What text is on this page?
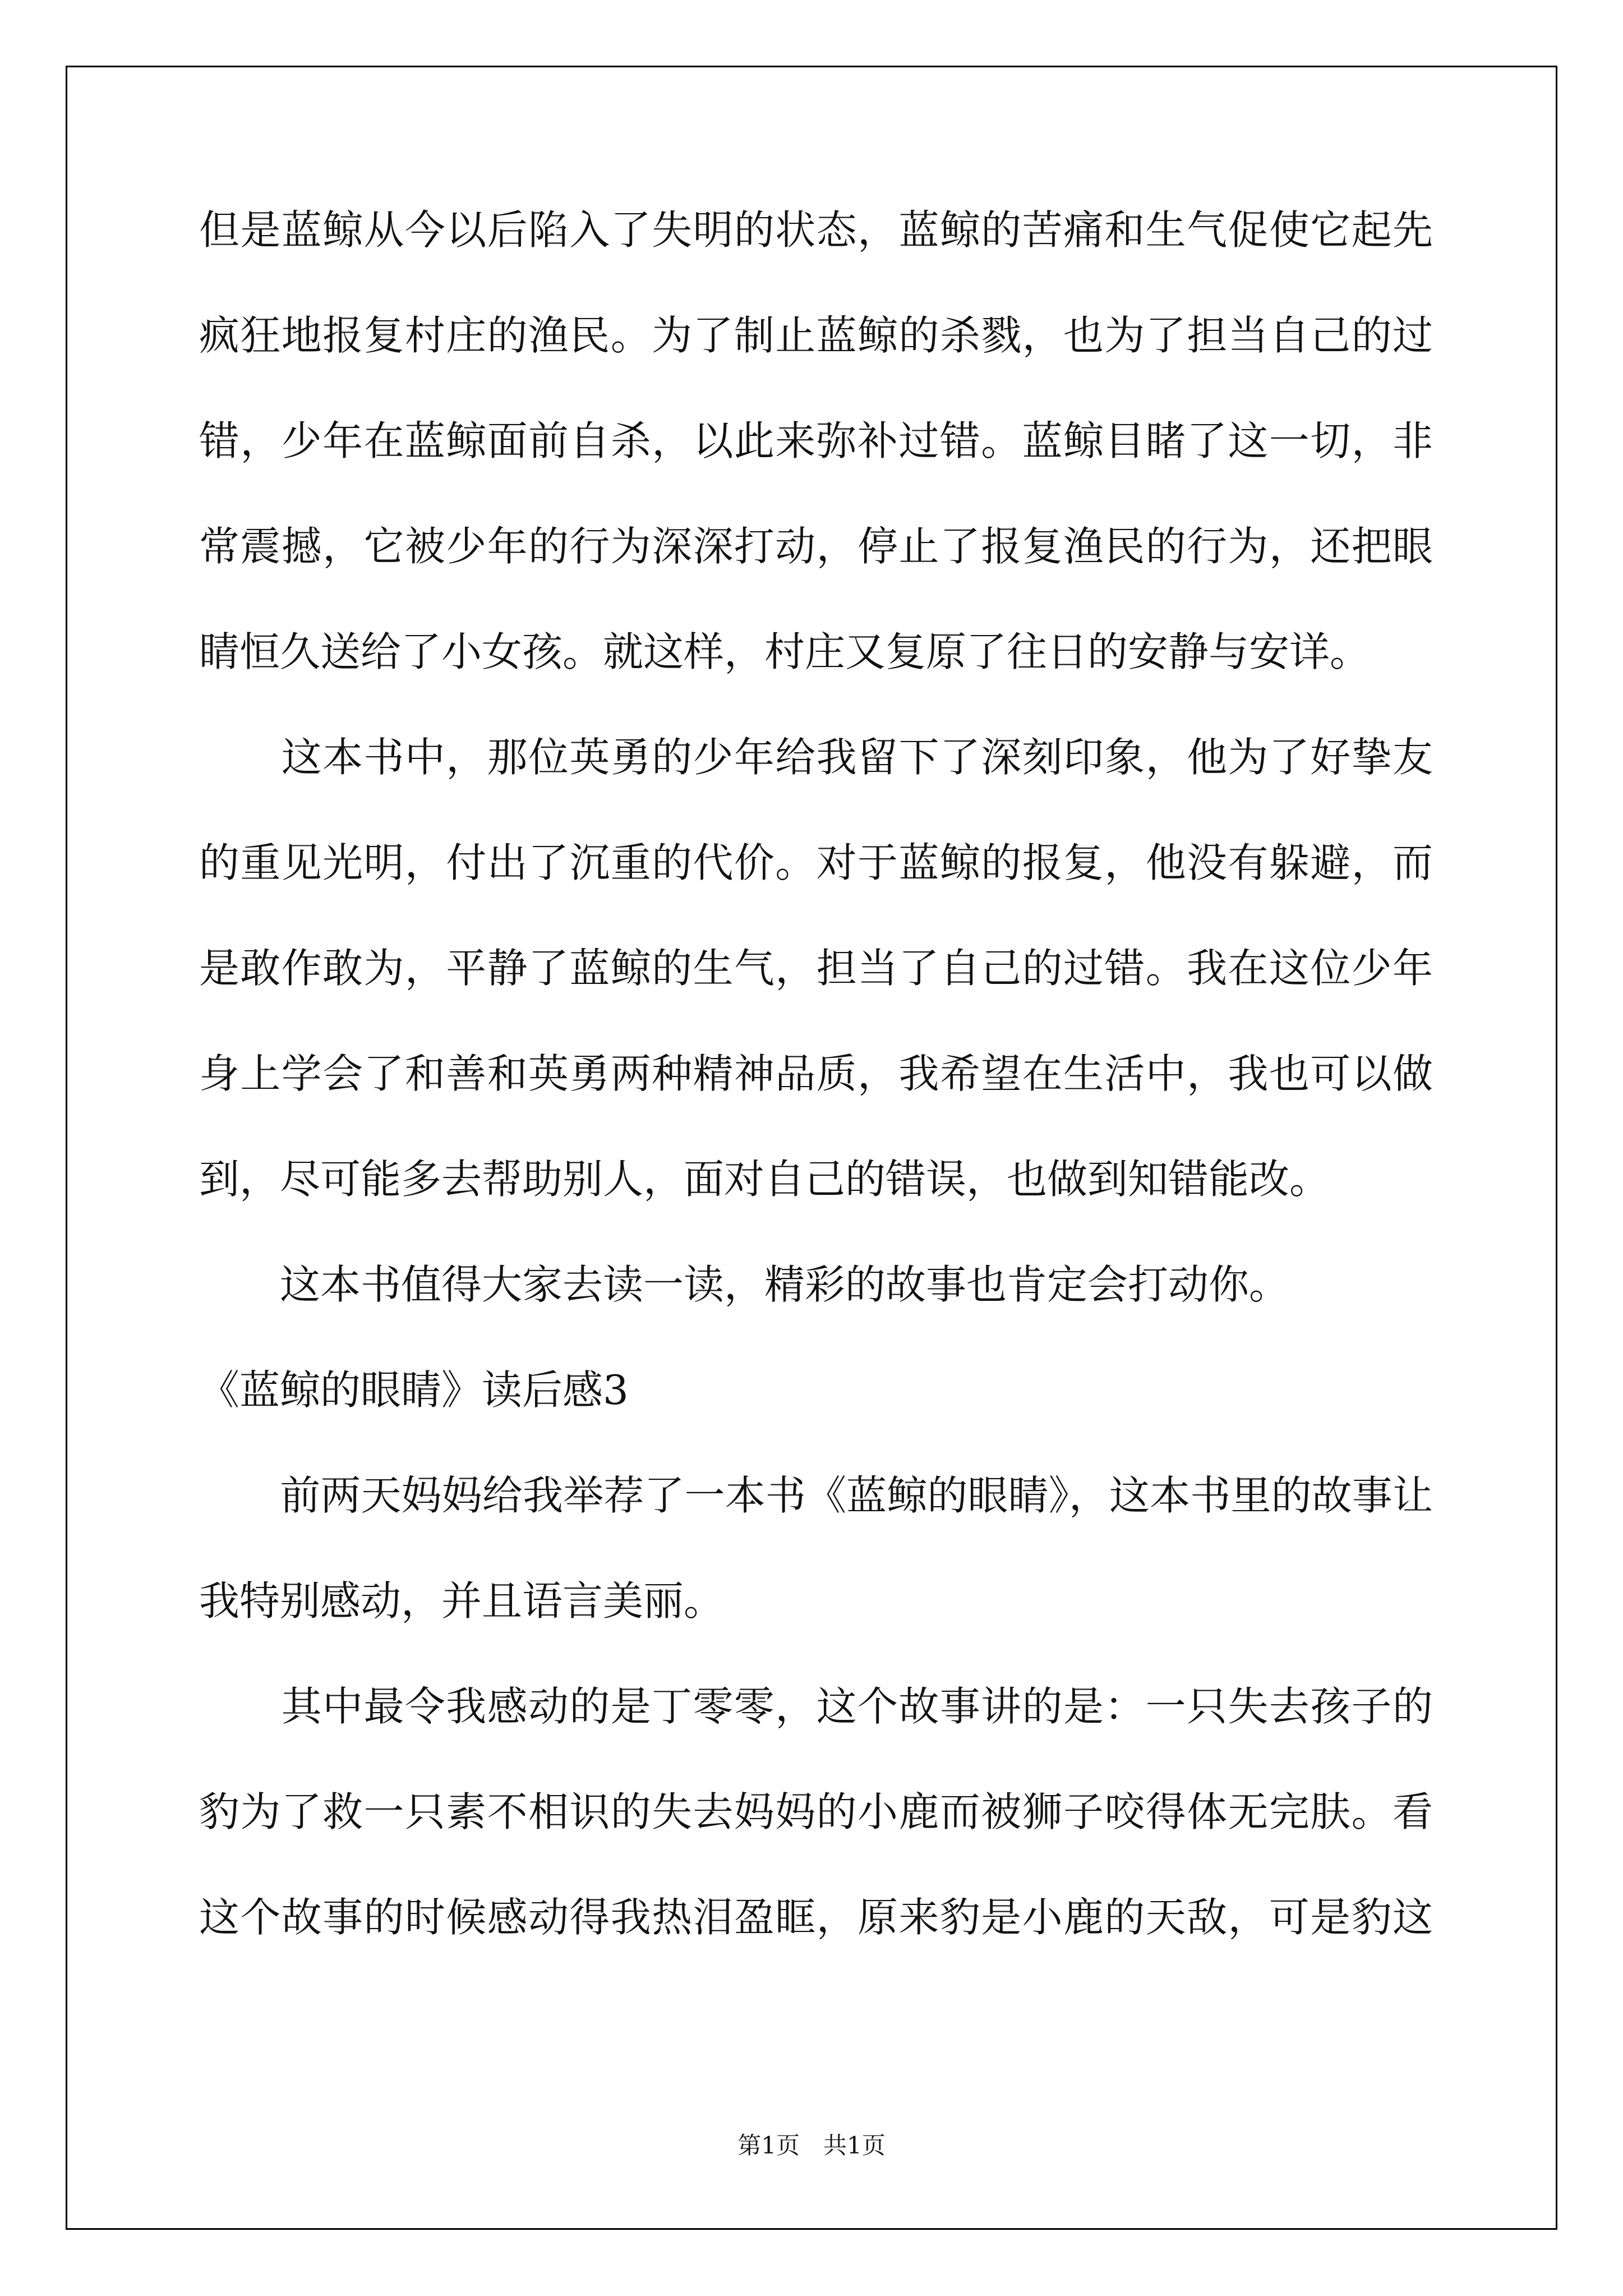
但是蓝鲸从今以后陷入了失明的状态，蓝鲸的苦痛和生气促使它起先
疯狂地报复村庄的渔民。为了制止蓝鲸的杀戮，也为了担当自己的过
错，少年在蓝鲸面前自杀，以此来弥补过错。蓝鲸目睹了这一切，非
常震撼，它被少年的行为深深打动，停止了报复渔民的行为，还把眼
睛恒久送给了小女孩。就这样，村庄又复原了往日的安静与安详。
　　这本书中，那位英勇的少年给我留下了深刻印象，他为了好挚友
的重见光明，付出了沉重的代价。对于蓝鲸的报复，他没有躲避，而
是敢作敢为，平静了蓝鲸的生气，担当了自己的过错。我在这位少年
身上学会了和善和英勇两种精神品质，我希望在生活中，我也可以做
到，尽可能多去帮助别人，面对自己的错误，也做到知错能改。
　　这本书值得大家去读一读，精彩的故事也肯定会打动你。
《蓝鲸的眼睛》读后感3
　　前两天妈妈给我举荐了一本书《蓝鲸的眼睛》，这本书里的故事让
我特别感动，并且语言美丽。
　　其中最令我感动的是丁零零，这个故事讲的是：一只失去孩子的
豹为了救一只素不相识的失去妈妈的小鹿而被狮子咬得体无完肤。看
这个故事的时候感动得我热泪盈眶，原来豹是小鹿的天敌，可是豹这
第1页　共1页
